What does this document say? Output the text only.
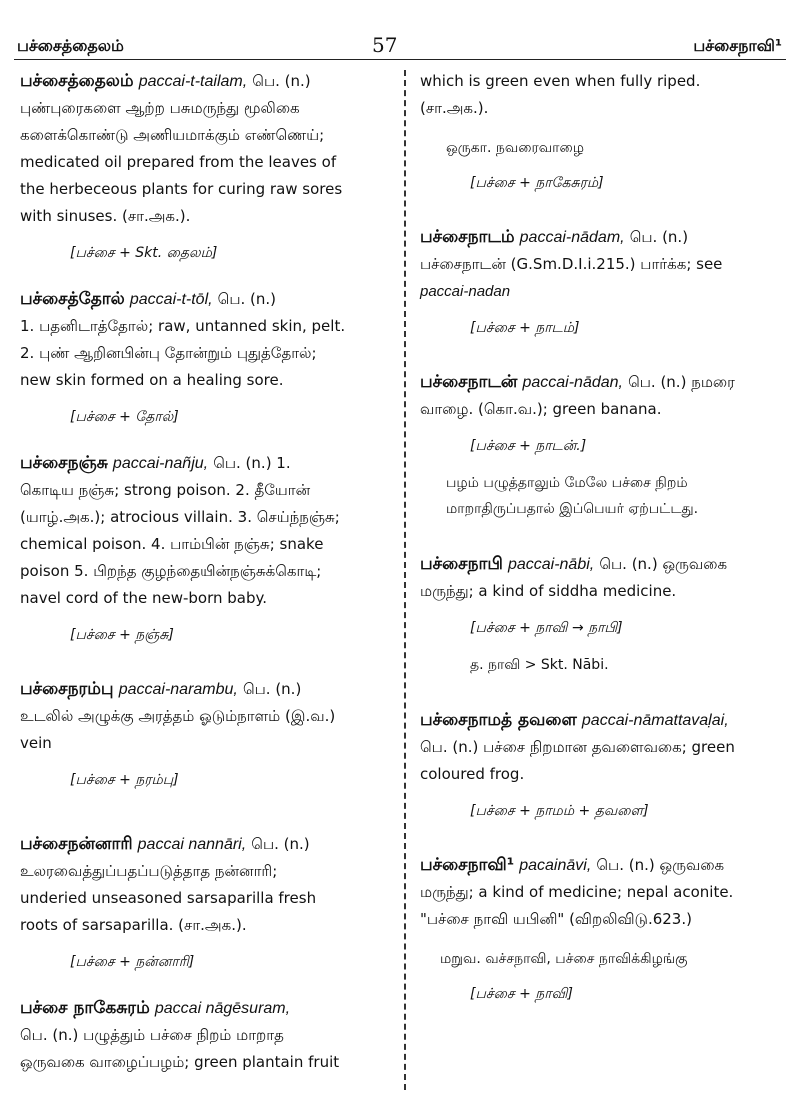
பச்சைத்தைலம்	57	பச்சைநாவி¹

பச்சைத்தைலம் paccai-t-tailam, பெ. (n.)

புண்புரைகளை ஆற்ற பசுமருந்து மூலிகை

களைக்கொண்டு அணியமாக்கும் எண்ணெய்;

medicated oil prepared from the leaves of

the herbeceous plants for curing raw sores

with sinuses. (சா.அக.).

[பச்சை + Skt. தைலம்]

பச்சைத்தோல் paccai-t-tōl, பெ. (n.)

1. பதனிடாத்தோல்; raw, untanned skin, pelt.

2. புண் ஆறினபின்பு தோன்றும் புதுத்தோல்;

new skin formed on a healing sore.

[பச்சை + தோல்]

பச்சைநஞ்சு paccai-nañju, பெ. (n.) 1.

கொடிய நஞ்சு; strong poison. 2. தீயோன்

(யாழ்.அக.); atrocious villain. 3. செய்ந்நஞ்சு;

chemical poison. 4. பாம்பின் நஞ்சு; snake

poison 5. பிறந்த குழந்தையின்நஞ்சுக்கொடி;

navel cord of the new-born baby.

[பச்சை + நஞ்சு]

பச்சைநரம்பு paccai-narambu, பெ. (n.)

உடலில் அழுக்கு அரத்தம் ஓடும்நாளம் (இ.வ.)

vein

[பச்சை + நரம்பு]

பச்சைநன்னாரி paccai nannāri, பெ. (n.)

உலரவைத்துப்பதப்படுத்தாத நன்னாரி;

underied unseasoned sarsaparilla fresh

roots of sarsaparilla. (சா.அக.).

[பச்சை + நன்னாரி]

பச்சை நாகேசுரம் paccai nāgēsuram,

பெ. (n.) பழுத்தும் பச்சை நிறம் மாறாத

ஒருவகை வாழைப்பழம்; green plantain fruit

which is green even when fully riped.

(சா.அக.).

ஒருகா. நவரைவாழை

[பச்சை + நாகேசுரம்]

பச்சைநாடம் paccai-nādam, பெ. (n.)

பச்சைநாடன் (G.Sm.D.I.i.215.) பார்க்க; see

paccai-nadan

[பச்சை + நாடம்]

பச்சைநாடன் paccai-nādan, பெ. (n.) நமரை

வாழை. (கொ.வ.); green banana.

[பச்சை + நாடன்.]

பழம் பழுத்தாலும் மேலே பச்சை நிறம்

மாறாதிருப்பதால் இப்பெயர் ஏற்பட்டது.

பச்சைநாபி paccai-nābi, பெ. (n.) ஒருவகை

மருந்து; a kind of siddha medicine.

[பச்சை + நாவி → நாபி]

த. நாவி > Skt. Nābi.

பச்சைநாமத் தவளை paccai-nāmattavaḷai,

பெ. (n.) பச்சை நிறமான தவளைவகை; green

coloured frog.

[பச்சை + நாமம் + தவளை]

பச்சைநாவி¹ pacaināvi, பெ. (n.) ஒருவகை

மருந்து; a kind of medicine; nepal aconite.

"பச்சை நாவி யபினி" (விறலிவிடு.623.)

மறுவ. வச்சநாவி, பச்சை நாவிக்கிழங்கு

[பச்சை + நாவி]
